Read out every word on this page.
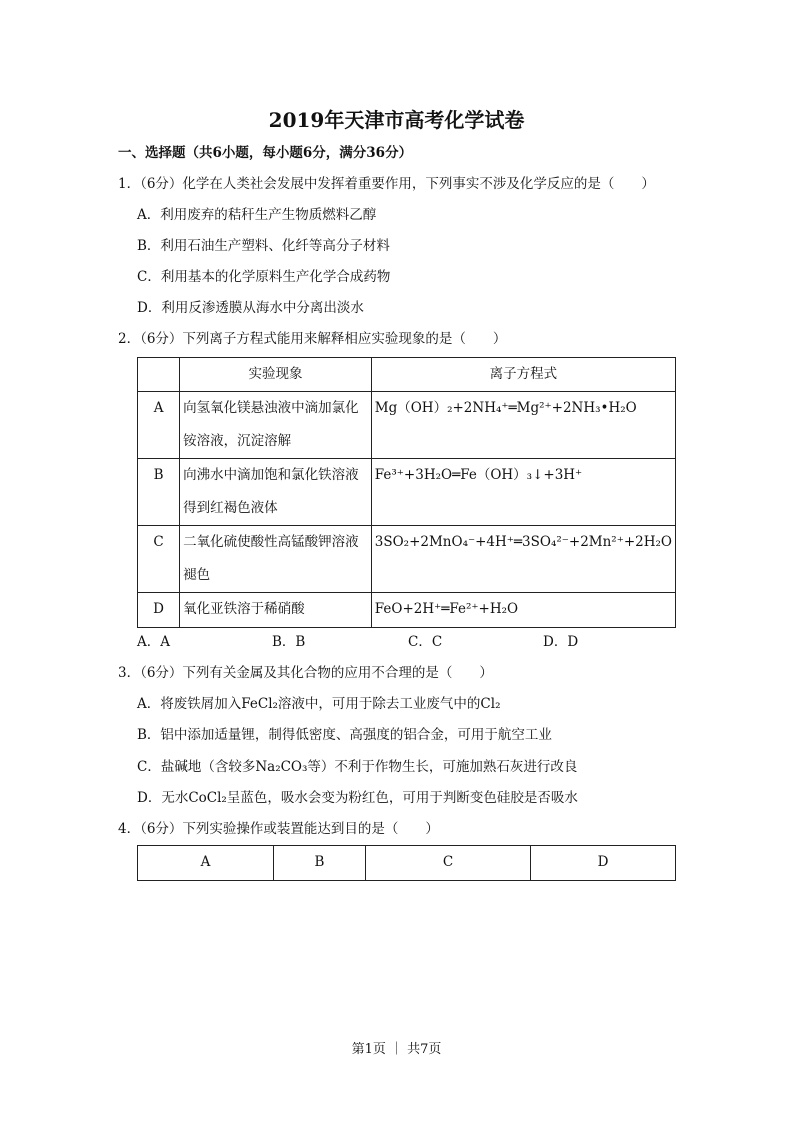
2019年天津市高考化学试卷
一、选择题（共6小题，每小题6分，满分36分）
1．（6分）化学在人类社会发展中发挥着重要作用，下列事实不涉及化学反应的是（　　）
A．利用废弃的秸秆生产生物质燃料乙醇
B．利用石油生产塑料、化纤等高分子材料
C．利用基本的化学原料生产化学合成药物
D．利用反渗透膜从海水中分离出淡水
2．（6分）下列离子方程式能用来解释相应实验现象的是（　　）
	实验现象	离子方程式
A	向氢氧化镁悬浊液中滴加氯化铵溶液，沉淀溶解	Mg（OH）₂+2NH₄⁺═Mg²⁺+2NH₃•H₂O
B	向沸水中滴加饱和氯化铁溶液得到红褐色液体	Fe³⁺+3H₂O═Fe（OH）₃↓+3H⁺
C	二氧化硫使酸性高锰酸钾溶液褪色	3SO₂+2MnO₄⁻+4H⁺═3SO₄²⁻+2Mn²⁺+2H₂O
D	氧化亚铁溶于稀硝酸	FeO+2H⁺═Fe²⁺+H₂O
A．A	B．B	C．C	D．D
3．（6分）下列有关金属及其化合物的应用不合理的是（　　）
A．将废铁屑加入FeCl₂溶液中，可用于除去工业废气中的Cl₂
B．铝中添加适量锂，制得低密度、高强度的铝合金，可用于航空工业
C．盐碱地（含较多Na₂CO₃等）不利于作物生长，可施加熟石灰进行改良
D．无水CoCl₂呈蓝色，吸水会变为粉红色，可用于判断变色硅胶是否吸水
4．（6分）下列实验操作或装置能达到目的是（　　）
A	B	C	D
第1页 ｜ 共7页
